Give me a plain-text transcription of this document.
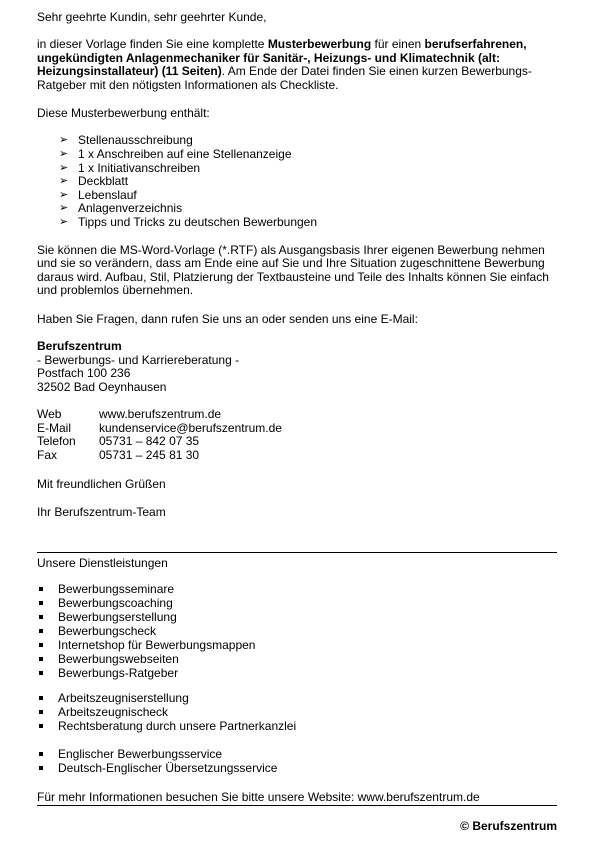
Sehr geehrte Kundin, sehr geehrter Kunde,

in dieser Vorlage finden Sie eine komplette Musterbewerbung für einen berufserfahrenen, ungekündigten Anlagenmechaniker für Sanitär-, Heizungs- und Klimatechnik (alt: Heizungsinstallateur) (11 Seiten). Am Ende der Datei finden Sie einen kurzen Bewerbungs-Ratgeber mit den nötigsten Informationen als Checkliste.

Diese Musterbewerbung enthält:

➢ Stellenausschreibung
➢ 1 x Anschreiben auf eine Stellenanzeige
➢ 1 x Initiativanschreiben
➢ Deckblatt
➢ Lebenslauf
➢ Anlagenverzeichnis
➢ Tipps und Tricks zu deutschen Bewerbungen

Sie können die MS-Word-Vorlage (*.RTF) als Ausgangsbasis Ihrer eigenen Bewerbung nehmen und sie so verändern, dass am Ende eine auf Sie und Ihre Situation zugeschnittene Bewerbung daraus wird. Aufbau, Stil, Platzierung der Textbausteine und Teile des Inhalts können Sie einfach und problemlos übernehmen.

Haben Sie Fragen, dann rufen Sie uns an oder senden uns eine E-Mail:

Berufszentrum
- Bewerbungs- und Karriereberatung -
Postfach 100 236
32502 Bad Oeynhausen
Web	www.berufszentrum.de
E-Mail	kundenservice@berufszentrum.de
Telefon	05731 – 842 07 35
Fax	05731 – 245 81 30

Mit freundlichen Grüßen

Ihr Berufszentrum-Team

Unsere Dienstleistungen
Bewerbungsseminare
Bewerbungscoaching
Bewerbungserstellung
Bewerbungscheck
Internetshop für Bewerbungsmappen
Bewerbungswebseiten
Bewerbungs-Ratgeber
Arbeitszeugniserstellung
Arbeitszeugnischeck
Rechtsberatung durch unsere Partnerkanzlei
Englischer Bewerbungsservice
Deutsch-Englischer Übersetzungsservice
Für mehr Informationen besuchen Sie bitte unsere Website: www.berufszentrum.de
© Berufszentrum
